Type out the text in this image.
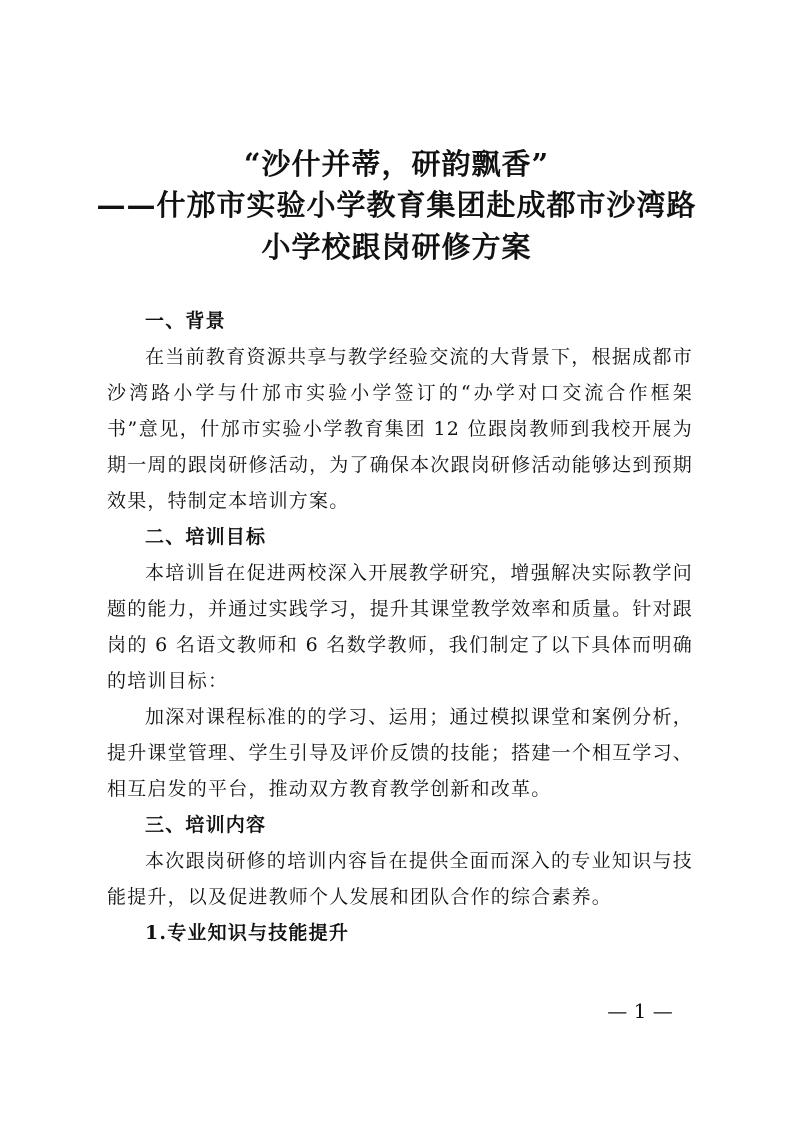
“沙什并蒂，研韵飘香”
——什邡市实验小学教育集团赴成都市沙湾路
小学校跟岗研修方案

一、背景

在当前教育资源共享与教学经验交流的大背景下，根据成都市沙湾路小学与什邡市实验小学签订的“办学对口交流合作框架书”意见，什邡市实验小学教育集团 12 位跟岗教师到我校开展为期一周的跟岗研修活动，为了确保本次跟岗研修活动能够达到预期效果，特制定本培训方案。

二、培训目标

本培训旨在促进两校深入开展教学研究，增强解决实际教学问题的能力，并通过实践学习，提升其课堂教学效率和质量。针对跟岗的 6 名语文教师和 6 名数学教师，我们制定了以下具体而明确的培训目标：

加深对课程标准的的学习、运用；通过模拟课堂和案例分析，提升课堂管理、学生引导及评价反馈的技能；搭建一个相互学习、相互启发的平台，推动双方教育教学创新和改革。

三、培训内容

本次跟岗研修的培训内容旨在提供全面而深入的专业知识与技能提升，以及促进教师个人发展和团队合作的综合素养。

1.专业知识与技能提升

— 1 —
